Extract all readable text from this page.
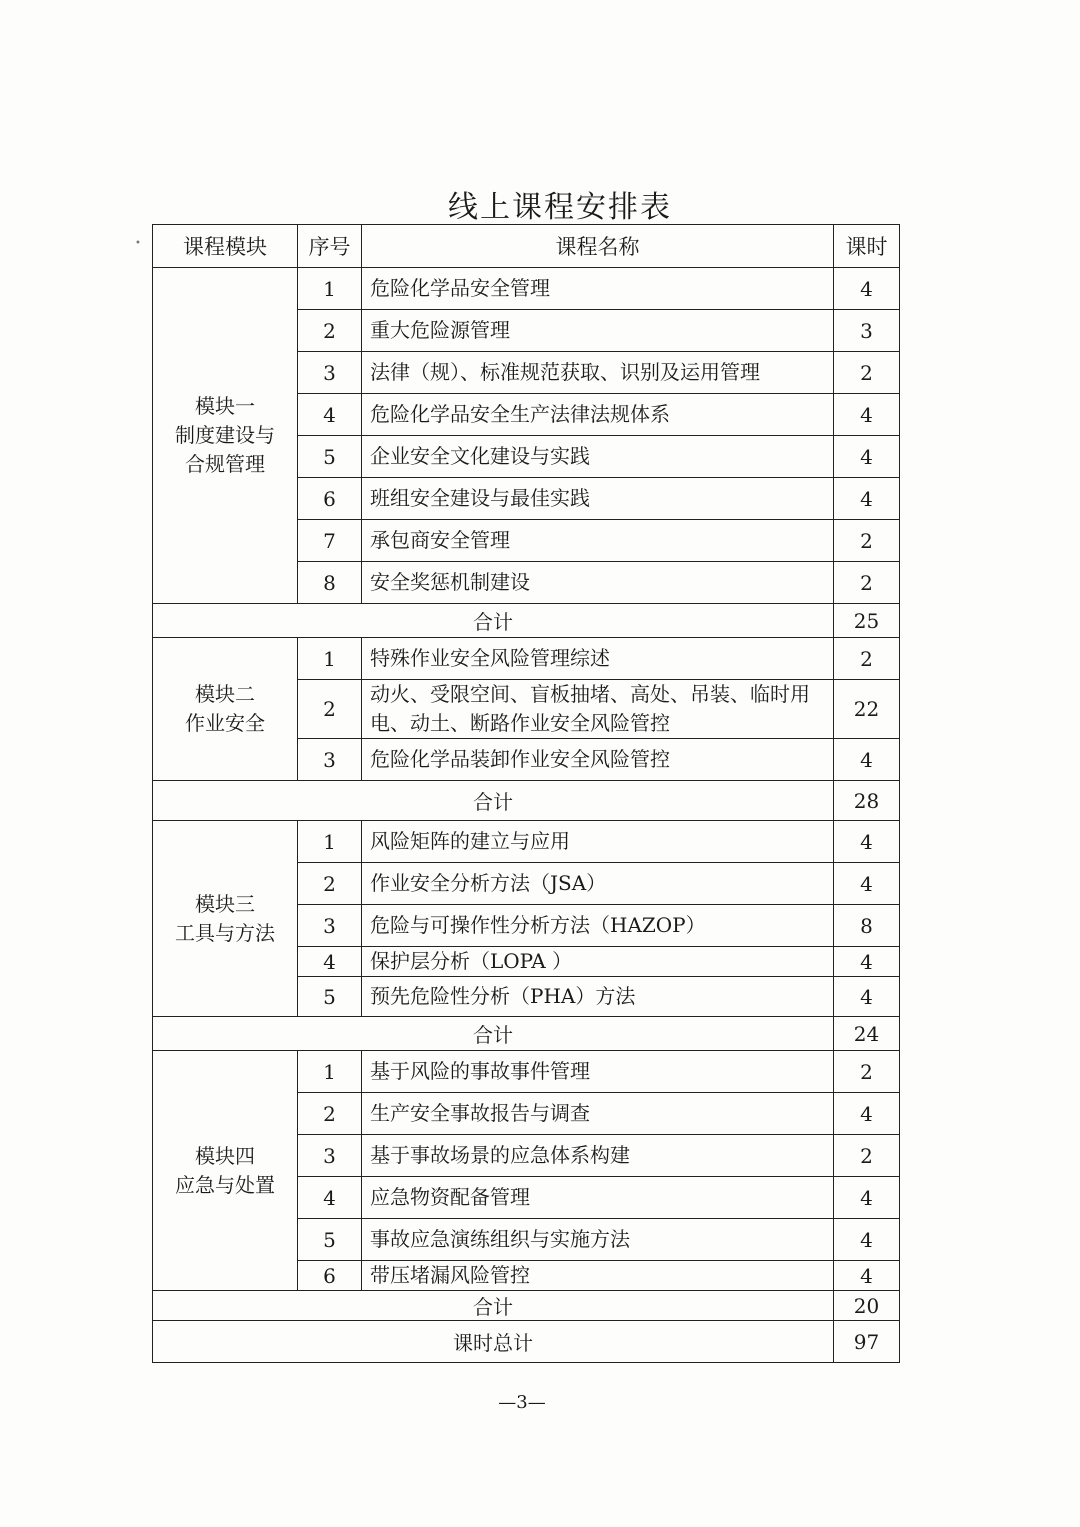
线上课程安排表
• 课程模块	序号	课程名称	课时

模块一
制度建设与
合规管理	1	危险化学品安全管理	4
	2	重大危险源管理	3
	3	法律（规）、标准规范获取、识别及运用管理	2
	4	危险化学品安全生产法律法规体系	4
	5	企业安全文化建设与实践	4
	6	班组安全建设与最佳实践	4
	7	承包商安全管理	2
	8	安全奖惩机制建设	2
合计			25

模块二
作业安全	1	特殊作业安全风险管理综述	2
	2	动火、受限空间、盲板抽堵、高处、吊装、临时用电、动土、断路作业安全风险管控	22
	3	危险化学品装卸作业安全风险管控	4
合计			28

模块三
工具与方法	1	风险矩阵的建立与应用	4
	2	作业安全分析方法（JSA）	4
	3	危险与可操作性分析方法（HAZOP）	8
	4	保护层分析（LOPA ）	4
	5	预先危险性分析（PHA）方法	4
合计			24

模块四
应急与处置	1	基于风险的事故事件管理	2
	2	生产安全事故报告与调查	4
	3	基于事故场景的应急体系构建	2
	4	应急物资配备管理	4
	5	事故应急演练组织与实施方法	4
	6	带压堵漏风险管控	4
合计			20
课时总计			97
—3—
